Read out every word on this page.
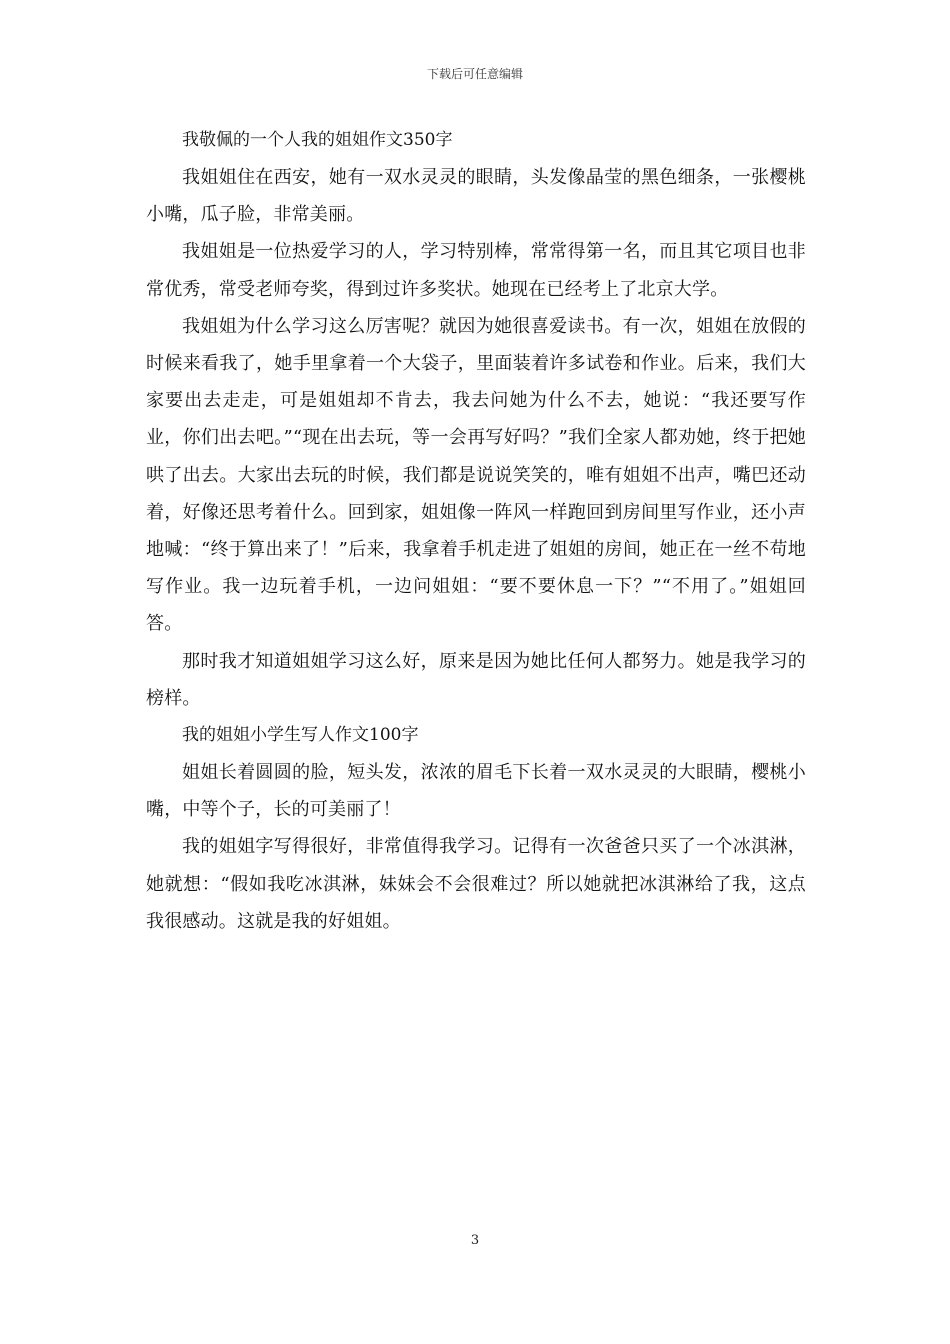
下载后可任意编辑
我敬佩的一个人我的姐姐作文350字

我姐姐住在西安，她有一双水灵灵的眼睛，头发像晶莹的黑色细条，一张樱桃小嘴，瓜子脸，非常美丽。

我姐姐是一位热爱学习的人，学习特别棒，常常得第一名，而且其它项目也非常优秀，常受老师夸奖，得到过许多奖状。她现在已经考上了北京大学。

我姐姐为什么学习这么厉害呢？就因为她很喜爱读书。有一次，姐姐在放假的时候来看我了，她手里拿着一个大袋子，里面装着许多试卷和作业。后来，我们大家要出去走走，可是姐姐却不肯去，我去问她为什么不去，她说：“我还要写作业，你们出去吧。”“现在出去玩，等一会再写好吗？”我们全家人都劝她，终于把她哄了出去。大家出去玩的时候，我们都是说说笑笑的，唯有姐姐不出声，嘴巴还动着，好像还思考着什么。回到家，姐姐像一阵风一样跑回到房间里写作业，还小声地喊：“终于算出来了！”后来，我拿着手机走进了姐姐的房间，她正在一丝不苟地写作业。我一边玩着手机，一边问姐姐：“要不要休息一下？”“不用了。”姐姐回答。

那时我才知道姐姐学习这么好，原来是因为她比任何人都努力。她是我学习的榜样。

我的姐姐小学生写人作文100字

姐姐长着圆圆的脸，短头发，浓浓的眉毛下长着一双水灵灵的大眼睛，樱桃小嘴，中等个子，长的可美丽了！

我的姐姐字写得很好，非常值得我学习。记得有一次爸爸只买了一个冰淇淋，她就想：“假如我吃冰淇淋，妹妹会不会很难过？所以她就把冰淇淋给了我，这点我很感动。这就是我的好姐姐。

3
